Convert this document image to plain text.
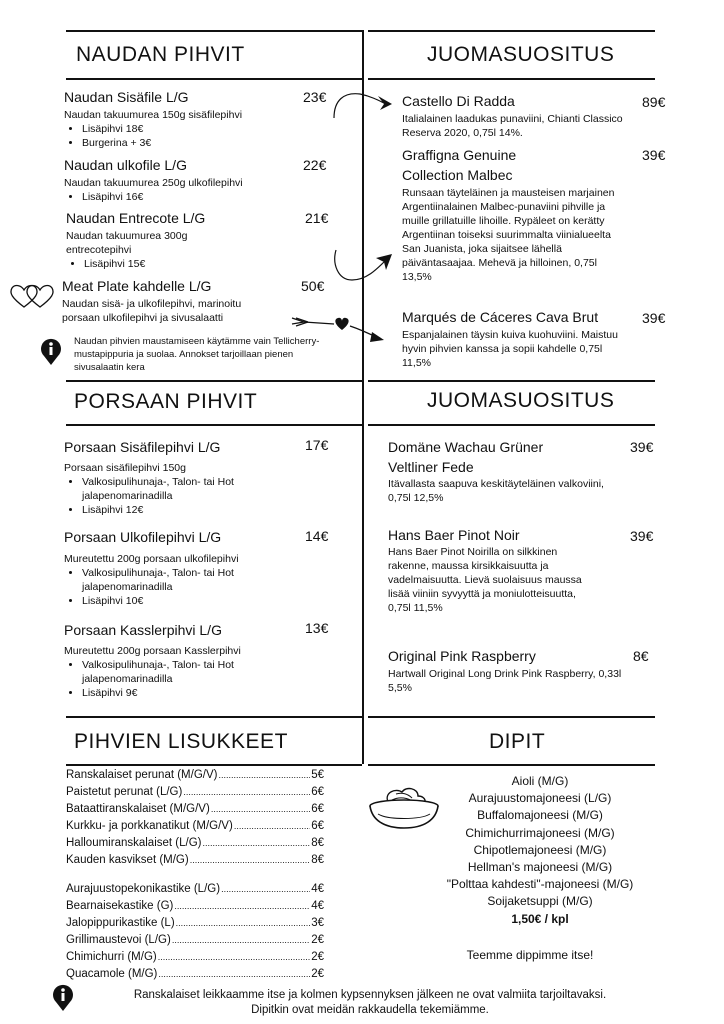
NAUDAN PIHVIT	JUOMASUOSITUS
PORSAAN PIHVIT	JUOMASUOSITUS
PIHVIEN LISUKKEET	DIPIT
Naudan Sisäfile L/G	23€
Naudan takuumurea 150g sisäfilepihvi
• Lisäpihvi 18€
• Burgerina + 3€
Naudan ulkofile L/G	22€
Naudan takuumurea 250g ulkofilepihvi
• Lisäpihvi 16€
Naudan Entrecote L/G	21€
Naudan takuumurea 300g entrecotepihvi
• Lisäpihvi 15€
Meat Plate kahdelle L/G	50€
Naudan sisä- ja ulkofilepihvi, marinoitu porsaan ulkofilepihvi ja sivusalaatti
Naudan pihvien maustamiseen käytämme vain Tellicherry-mustapippuria ja suolaa. Annokset tarjoillaan pienen sivusalaatin kera
Castello Di Radda	89€
Italialainen laadukas punaviini, Chianti Classico Reserva 2020, 0,75l 14%.
Graffigna Genuine Collection Malbec
39€
Runsaan täyteläinen ja mausteisen marjainen Argentiinalainen Malbec-punaviini pihville ja muille grillatuille lihoille. Rypäleet on kerätty Argentiinan toiseksi suurimmalta viinialueelta San Juanista, joka sijaitsee lähellä päiväntasaajaa. Mehevä ja hilloinen, 0,75l 13,5%
Marqués de Cáceres Cava Brut	39€
Espanjalainen täysin kuiva kuohuviini. Maistuu hyvin pihvien kanssa ja sopii kahdelle 0,75l 11,5%
Porsaan Sisäfilepihvi L/G	17€
Porsaan sisäfilepihvi 150g
• Valkosipulihunaja-, Talon- tai Hot jalapenomarinadilla
• Lisäpihvi 12€
Porsaan Ulkofilepihvi L/G	14€
Mureutettu 200g porsaan ulkofilepihvi
• Valkosipulihunaja-, Talon- tai Hot jalapenomarinadilla
• Lisäpihvi 10€
Porsaan Kasslerpihvi L/G	13€
Mureutettu 200g porsaan Kasslerpihvi
• Valkosipulihunaja-, Talon- tai Hot jalapenomarinadilla
• Lisäpihvi 9€
Domäne Wachau Grüner Veltliner Fede
39€
Itävallasta saapuva keskitäyteläinen valkoviini, 0,75l 12,5%
Hans Baer Pinot Noir	39€
Hans Baer Pinot Noirilla on silkkinen rakenne, maussa kirsikkaisuutta ja vadelmaisuutta. Lievä suolaisuus maussa lisää viiniin syvyyttä ja moniulotteisuutta, 0,75l 11,5%
Original Pink Raspberry	8€
Hartwall Original Long Drink Pink Raspberry, 0,33l 5,5%
Ranskalaiset perunat (M/G/V) .....	5€
Paistetut perunat (L/G) .....	6€
Bataattiranskalaiset (M/G/V) .....	6€
Kurkku- ja porkkanatikut (M/G/V) .....	6€
Halloumiranskalaiset (L/G) .....	8€
Kauden kasvikset (M/G) .....	8€
Aurajuustopekonikastike (L/G) .....	4€
Bearnaisekastike (G) .....	4€
Jalopippurikastike (L) .....	3€
Grillimaustevoi (L/G) .....	2€
Chimichurri (M/G) .....	2€
Quacamole (M/G) .....	2€
Aioli (M/G)
Aurajuustomajoneesi (L/G)
Buffalomajoneesi (M/G)
Chimichurrimajoneesi (M/G)
Chipotlemajoneesi (M/G)
Hellman's majoneesi (M/G)
"Polttaa kahdesti"-majoneesi (M/G)
Soijaketsuppi (M/G)
1,50€ / kpl
Teemme dippimme itse!
Ranskalaiset leikkaamme itse ja kolmen kypsennyksen jälkeen ne ovat valmiita tarjoiltavaksi.
Dipitkin ovat meidän rakkaudella tekemiämme.
